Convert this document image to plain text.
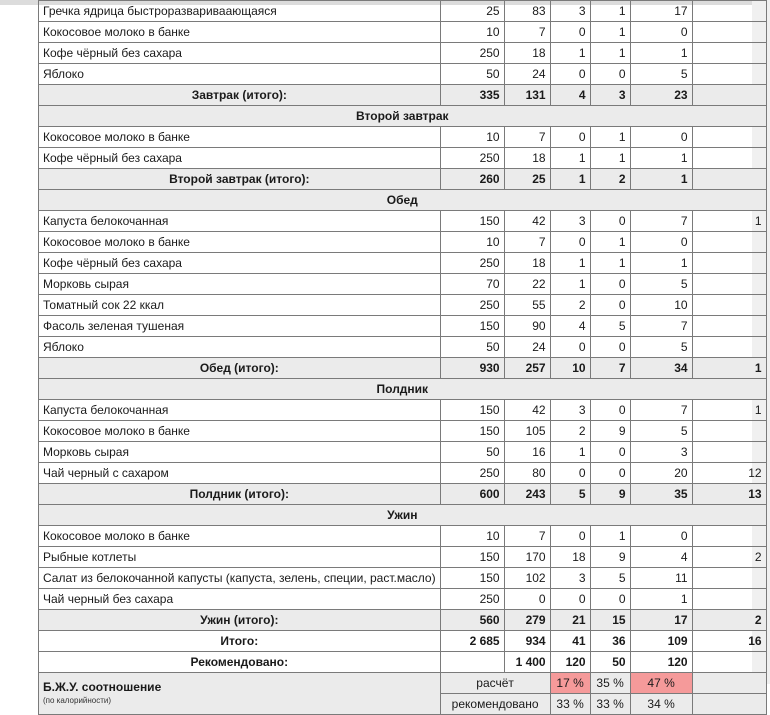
Гречка ядрица быстроразвариваающаяся	25	83	3	1	17	
Кокосовое молоко в банке	10	7	0	1	0	
Кофе чёрный без сахара	250	18	1	1	1	
Яблоко	50	24	0	0	5	
Завтрак (итого):	335	131	4	3	23	
Второй завтрак						
Кокосовое молоко в банке	10	7	0	1	0	
Кофе чёрный без сахара	250	18	1	1	1	
Второй завтрак (итого):	260	25	1	2	1	
Обед						
Капуста белокочанная	150	42	3	0	7	1
Кокосовое молоко в банке	10	7	0	1	0	
Кофе чёрный без сахара	250	18	1	1	1	
Морковь сырая	70	22	1	0	5	
Томатный сок 22 ккал	250	55	2	0	10	
Фасоль зеленая тушеная	150	90	4	5	7	
Яблоко	50	24	0	0	5	
Обед (итого):	930	257	10	7	34	1
Полдник						
Капуста белокочанная	150	42	3	0	7	1
Кокосовое молоко в банке	150	105	2	9	5	
Морковь сырая	50	16	1	0	3	
Чай черный с сахаром	250	80	0	0	20	12
Полдник (итого):	600	243	5	9	35	13
Ужин						
Кокосовое молоко в банке	10	7	0	1	0	
Рыбные котлеты	150	170	18	9	4	2
Салат из белокочанной капусты (капуста, зелень, специи, раст.масло)	150	102	3	5	11	
Чай черный без сахара	250	0	0	0	1	
Ужин (итого):	560	279	21	15	17	2
Итого:	2 685	934	41	36	109	16
Рекомендовано:		1 400	120	50	120	

Б.Ж.У. соотношение
(по калорийности)	расчёт		17 %	35 %	47 %	
	рекомендовано		33 %	33 %	34 %	
